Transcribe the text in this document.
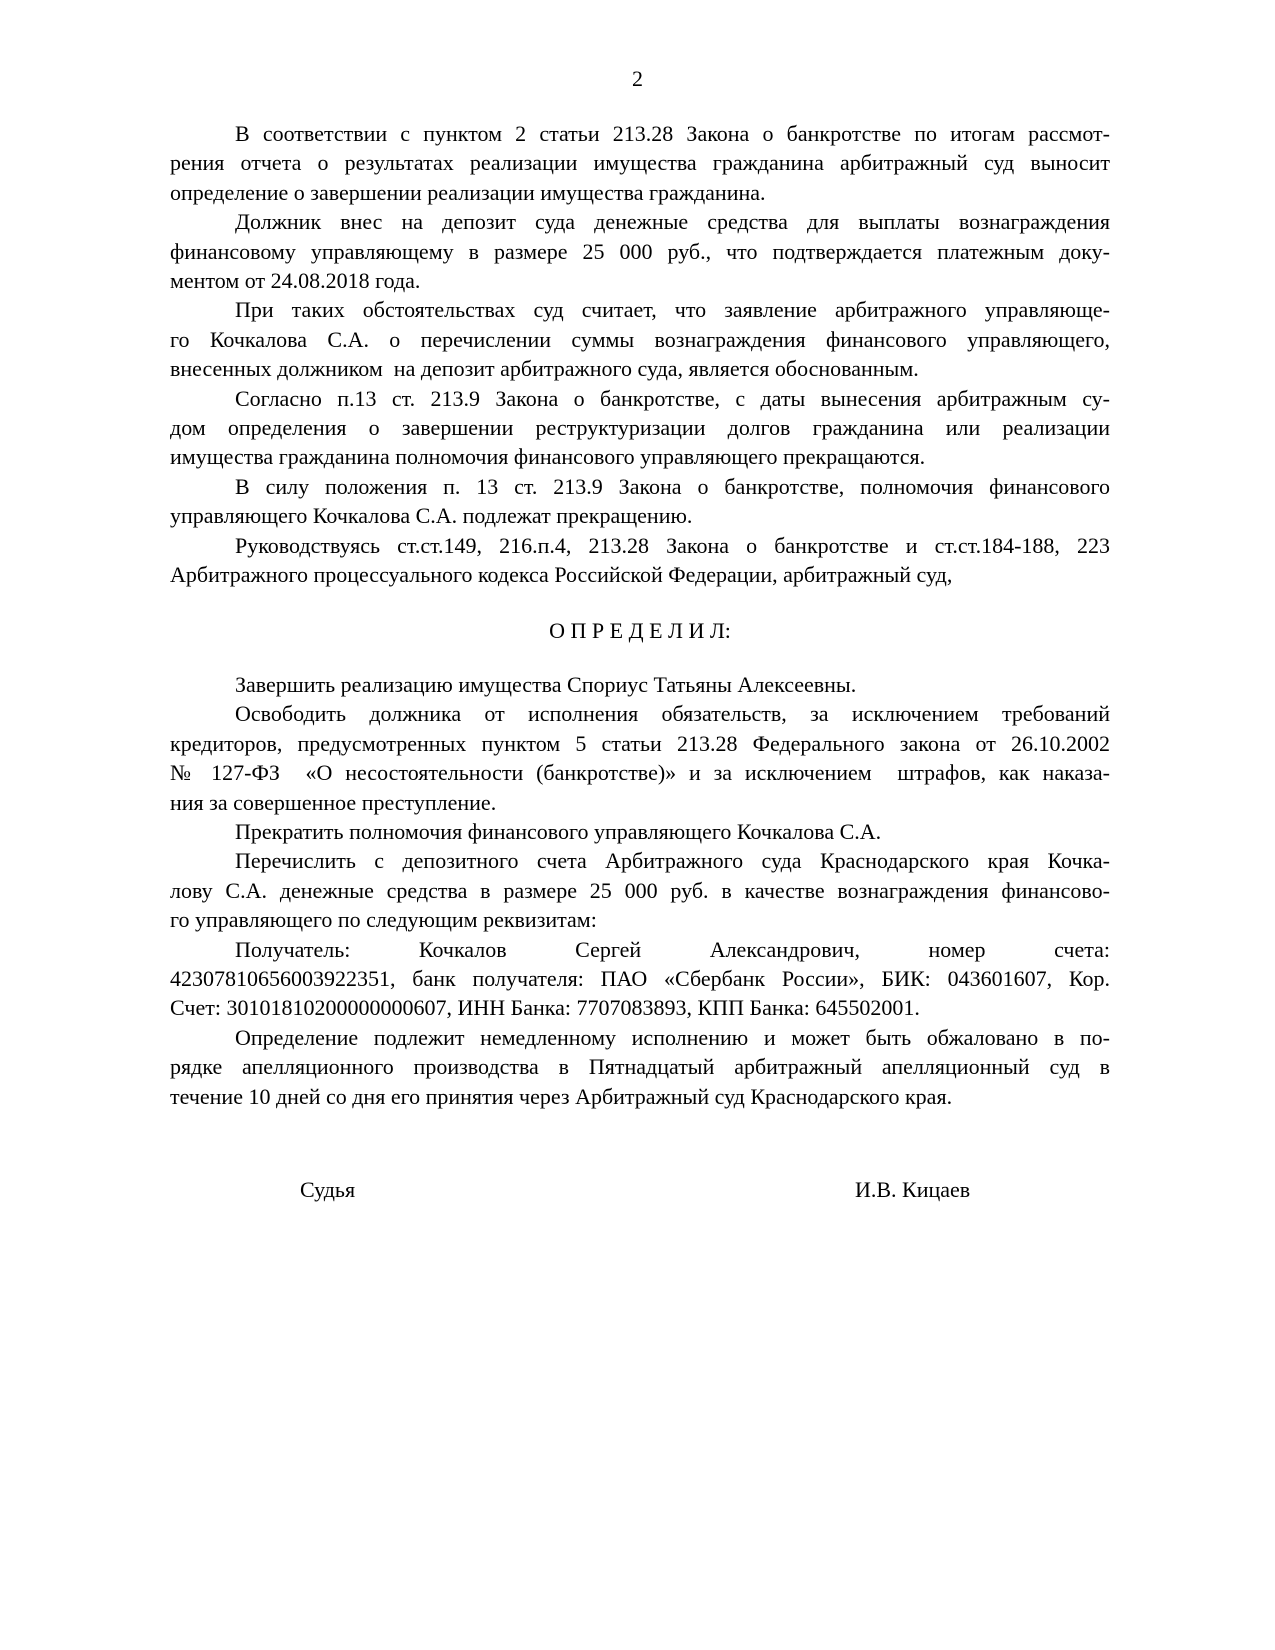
2
В соответствии с пунктом 2 статьи 213.28 Закона о банкротстве по итогам рассмот-
рения отчета о результатах реализации имущества гражданина арбитражный суд выносит
определение о завершении реализации имущества гражданина.
Должник внес на депозит суда денежные средства для выплаты вознаграждения
финансовому управляющему в размере 25 000 руб., что подтверждается платежным доку-
ментом от 24.08.2018 года.
При таких обстоятельствах суд считает, что заявление арбитражного управляюще-
го Кочкалова С.А. о перечислении суммы вознаграждения финансового управляющего,
внесенных должником  на депозит арбитражного суда, является обоснованным.
Согласно п.13 ст. 213.9 Закона о банкротстве, с даты вынесения арбитражным су-
дом определения о завершении реструктуризации долгов гражданина или реализации
имущества гражданина полномочия финансового управляющего прекращаются.
В силу положения п. 13 ст. 213.9 Закона о банкротстве, полномочия финансового
управляющего Кочкалова С.А. подлежат прекращению.
Руководствуясь ст.ст.149, 216.п.4, 213.28 Закона о банкротстве и ст.ст.184-188, 223
Арбитражного процессуального кодекса Российской Федерации, арбитражный суд,
О П Р Е Д Е Л И Л:
Завершить реализацию имущества Спориус Татьяны Алексеевны.
Освободить должника от исполнения обязательств, за исключением требований
кредиторов, предусмотренных пунктом 5 статьи 213.28 Федерального закона от 26.10.2002
№ 127-ФЗ  «О несостоятельности (банкротстве)» и за исключением  штрафов, как наказа-
ния за совершенное преступление.
Прекратить полномочия финансового управляющего Кочкалова С.А.
Перечислить с депозитного счета Арбитражного суда Краснодарского края Кочка-
лову С.А. денежные средства в размере 25 000 руб. в качестве вознаграждения финансово-
го управляющего по следующим реквизитам:
Получатель: Кочкалов Сергей Александрович, номер счета:
42307810656003922351, банк получателя: ПАО «Сбербанк России», БИК: 043601607, Кор.
Счет: 30101810200000000607, ИНН Банка: 7707083893, КПП Банка: 645502001.
Определение подлежит немедленному исполнению и может быть обжаловано в по-
рядке апелляционного производства в Пятнадцатый арбитражный апелляционный суд в
течение 10 дней со дня его принятия через Арбитражный суд Краснодарского края.
Судья	И.В. Кицаев
